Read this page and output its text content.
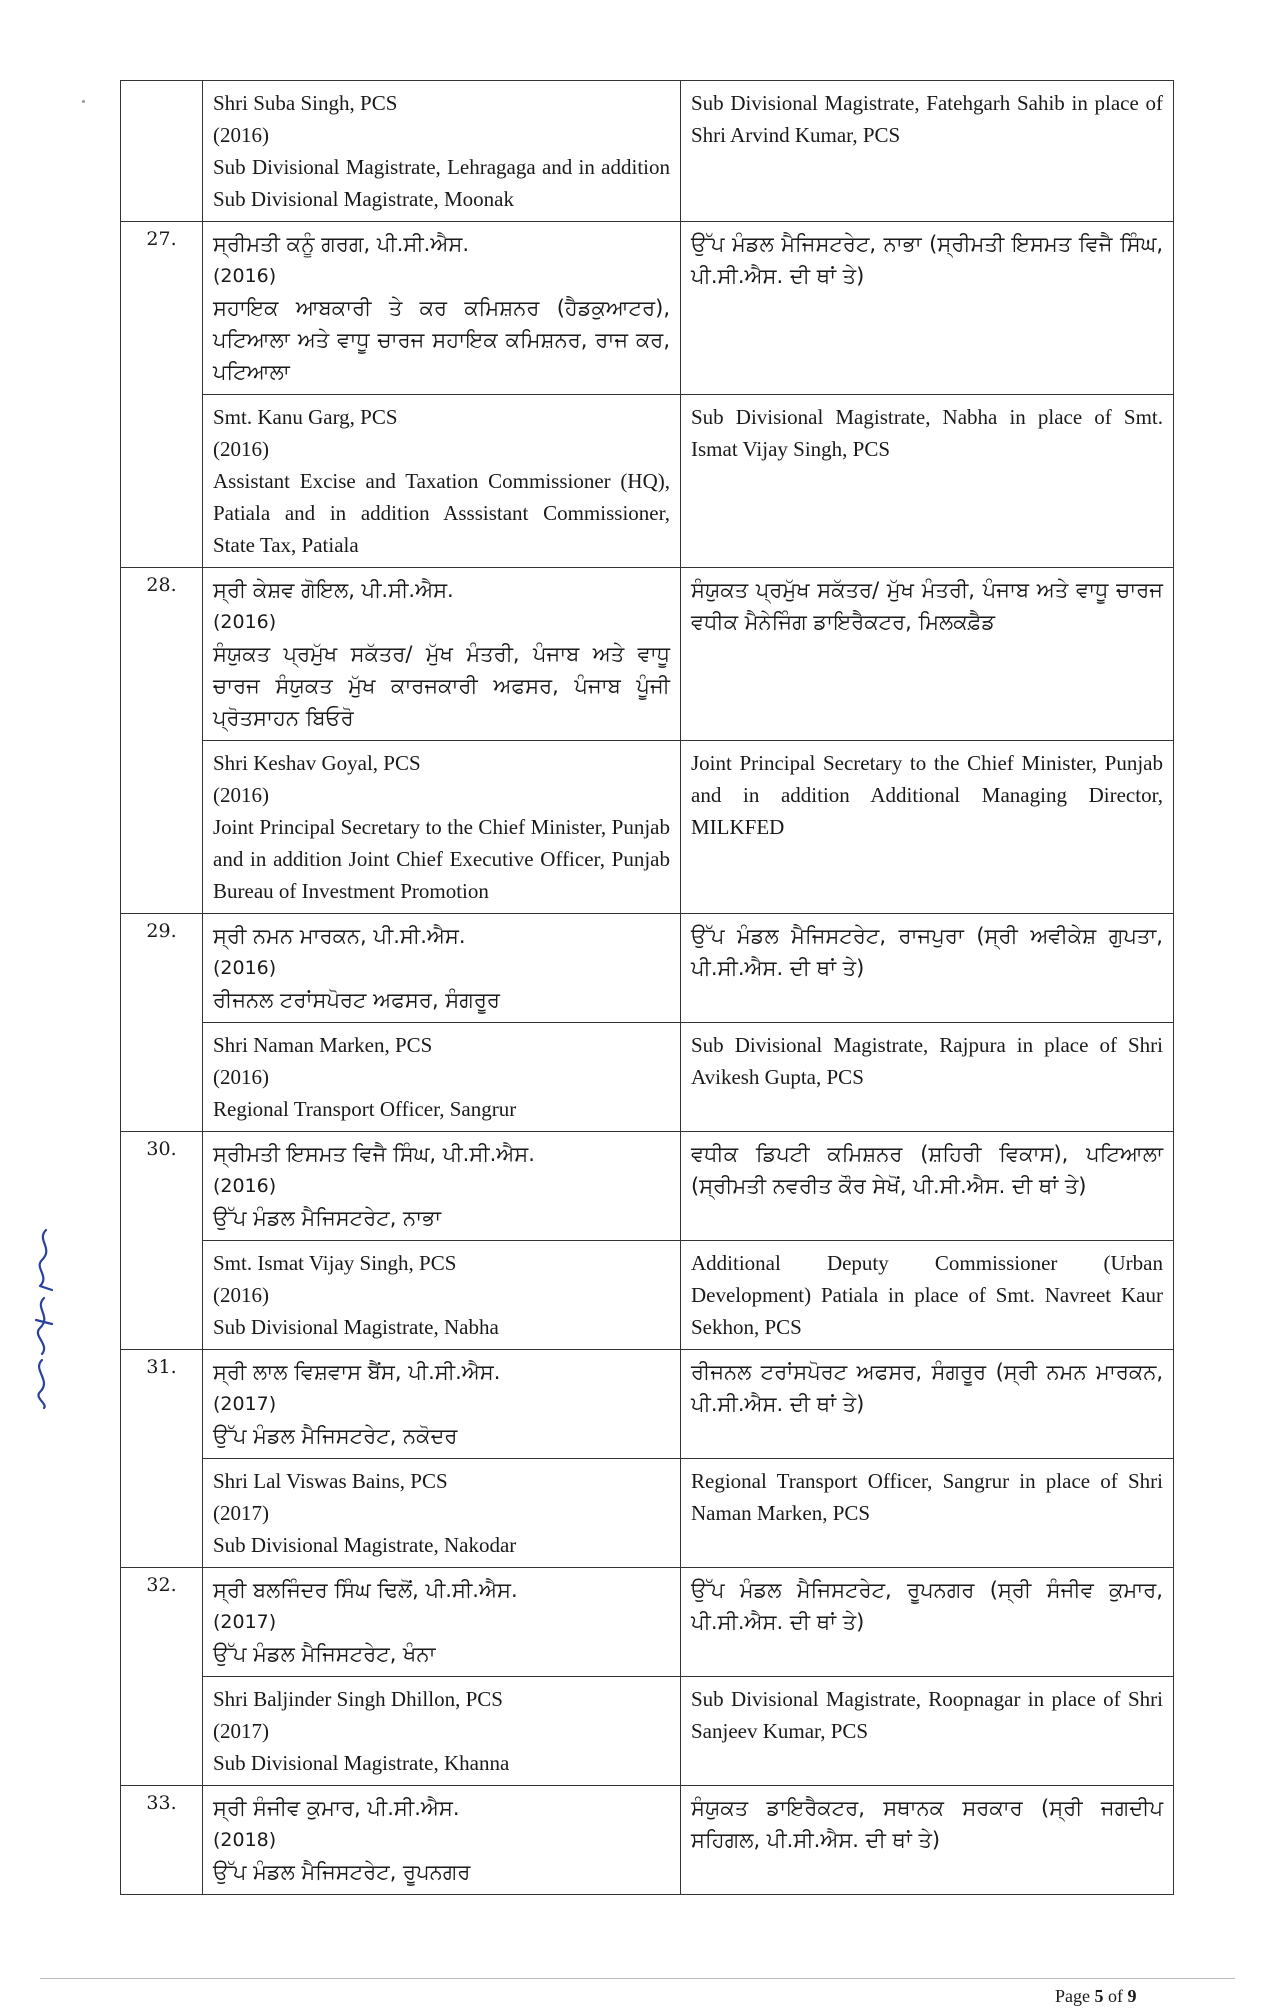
	Shri Suba Singh, PCS
(2016)
Sub Divisional Magistrate, Lehragaga and in addition Sub Divisional Magistrate, Moonak	Sub Divisional Magistrate, Fatehgarh Sahib in place of Shri Arvind Kumar, PCS

27.	ਸ੍ਰੀਮਤੀ ਕਨੂੰ ਗਰਗ, ਪੀ.ਸੀ.ਐਸ.
(2016)
ਸਹਾਇਕ ਆਬਕਾਰੀ ਤੇ ਕਰ ਕਮਿਸ਼ਨਰ (ਹੈਡਕੁਆਟਰ), ਪਟਿਆਲਾ ਅਤੇ ਵਾਧੂ ਚਾਰਜ ਸਹਾਇਕ ਕਮਿਸ਼ਨਰ, ਰਾਜ ਕਰ, ਪਟਿਆਲਾ	ਉੱਪ ਮੰਡਲ ਮੈਜਿਸਟਰੇਟ, ਨਾਭਾ (ਸ੍ਰੀਮਤੀ ਇਸਮਤ ਵਿਜੈ ਸਿੰਘ, ਪੀ.ਸੀ.ਐਸ. ਦੀ ਥਾਂ ਤੇ)

	Smt. Kanu Garg, PCS
(2016)
Assistant Excise and Taxation Commissioner (HQ), Patiala and in addition Asssistant Commissioner, State Tax, Patiala	Sub Divisional Magistrate, Nabha in place of Smt. Ismat Vijay Singh, PCS

28.	ਸ੍ਰੀ ਕੇਸ਼ਵ ਗੋਇਲ, ਪੀ.ਸੀ.ਐਸ.
(2016)
ਸੰਯੁਕਤ ਪ੍ਰਮੁੱਖ ਸਕੱਤਰ/ ਮੁੱਖ ਮੰਤਰੀ, ਪੰਜਾਬ ਅਤੇ ਵਾਧੂ ਚਾਰਜ ਸੰਯੁਕਤ ਮੁੱਖ ਕਾਰਜਕਾਰੀ ਅਫਸਰ, ਪੰਜਾਬ ਪੂੰਜੀ ਪ੍ਰੋਤਸਾਹਨ ਬਿਓਰੋ	ਸੰਯੁਕਤ ਪ੍ਰਮੁੱਖ ਸਕੱਤਰ/ ਮੁੱਖ ਮੰਤਰੀ, ਪੰਜਾਬ ਅਤੇ ਵਾਧੂ ਚਾਰਜ ਵਧੀਕ ਮੈਨੇਜਿੰਗ ਡਾਇਰੈਕਟਰ, ਮਿਲਕਫ਼ੈਡ

	Shri Keshav Goyal, PCS
(2016)
Joint Principal Secretary to the Chief Minister, Punjab and in addition Joint Chief Executive Officer, Punjab Bureau of Investment Promotion	Joint Principal Secretary to the Chief Minister, Punjab and in addition Additional Managing Director, MILKFED

29.	ਸ੍ਰੀ ਨਮਨ ਮਾਰਕਨ, ਪੀ.ਸੀ.ਐਸ.
(2016)
ਰੀਜਨਲ ਟਰਾਂਸਪੋਰਟ ਅਫਸਰ, ਸੰਗਰੂਰ	ਉੱਪ ਮੰਡਲ ਮੈਜਿਸਟਰੇਟ, ਰਾਜਪੁਰਾ (ਸ੍ਰੀ ਅਵੀਕੇਸ਼ ਗੁਪਤਾ, ਪੀ.ਸੀ.ਐਸ. ਦੀ ਥਾਂ ਤੇ)

	Shri Naman Marken, PCS
(2016)
Regional Transport Officer, Sangrur	Sub Divisional Magistrate, Rajpura in place of Shri Avikesh Gupta, PCS

30.	ਸ੍ਰੀਮਤੀ ਇਸਮਤ ਵਿਜੈ ਸਿੰਘ, ਪੀ.ਸੀ.ਐਸ.
(2016)
ਉੱਪ ਮੰਡਲ ਮੈਜਿਸਟਰੇਟ, ਨਾਭਾ	ਵਧੀਕ ਡਿਪਟੀ ਕਮਿਸ਼ਨਰ (ਸ਼ਹਿਰੀ ਵਿਕਾਸ), ਪਟਿਆਲਾ (ਸ੍ਰੀਮਤੀ ਨਵਰੀਤ ਕੌਰ ਸੇਖੋਂ, ਪੀ.ਸੀ.ਐਸ. ਦੀ ਥਾਂ ਤੇ)

	Smt. Ismat Vijay Singh, PCS
(2016)
Sub Divisional Magistrate, Nabha	Additional Deputy Commissioner (Urban Development) Patiala in place of Smt. Navreet Kaur Sekhon, PCS

31.	ਸ੍ਰੀ ਲਾਲ ਵਿਸ਼ਵਾਸ ਬੈਂਸ, ਪੀ.ਸੀ.ਐਸ.
(2017)
ਉੱਪ ਮੰਡਲ ਮੈਜਿਸਟਰੇਟ, ਨਕੋਦਰ	ਰੀਜਨਲ ਟਰਾਂਸਪੋਰਟ ਅਫਸਰ, ਸੰਗਰੂਰ (ਸ੍ਰੀ ਨਮਨ ਮਾਰਕਨ, ਪੀ.ਸੀ.ਐਸ. ਦੀ ਥਾਂ ਤੇ)

	Shri Lal Viswas Bains, PCS
(2017)
Sub Divisional Magistrate, Nakodar	Regional Transport Officer, Sangrur in place of Shri Naman Marken, PCS

32.	ਸ੍ਰੀ ਬਲਜਿੰਦਰ ਸਿੰਘ ਢਿਲੋਂ, ਪੀ.ਸੀ.ਐਸ.
(2017)
ਉੱਪ ਮੰਡਲ ਮੈਜਿਸਟਰੇਟ, ਖੰਨਾ	ਉੱਪ ਮੰਡਲ ਮੈਜਿਸਟਰੇਟ, ਰੂਪਨਗਰ (ਸ੍ਰੀ ਸੰਜੀਵ ਕੁਮਾਰ, ਪੀ.ਸੀ.ਐਸ. ਦੀ ਥਾਂ ਤੇ)

	Shri Baljinder Singh Dhillon, PCS
(2017)
Sub Divisional Magistrate, Khanna	Sub Divisional Magistrate, Roopnagar in place of Shri Sanjeev Kumar, PCS

33.	ਸ੍ਰੀ ਸੰਜੀਵ ਕੁਮਾਰ, ਪੀ.ਸੀ.ਐਸ.
(2018)
ਉੱਪ ਮੰਡਲ ਮੈਜਿਸਟਰੇਟ, ਰੂਪਨਗਰ	ਸੰਯੁਕਤ ਡਾਇਰੈਕਟਰ, ਸਥਾਨਕ ਸਰਕਾਰ (ਸ੍ਰੀ ਜਗਦੀਪ ਸਹਿਗਲ, ਪੀ.ਸੀ.ਐਸ. ਦੀ ਥਾਂ ਤੇ)
Page 5 of 9
